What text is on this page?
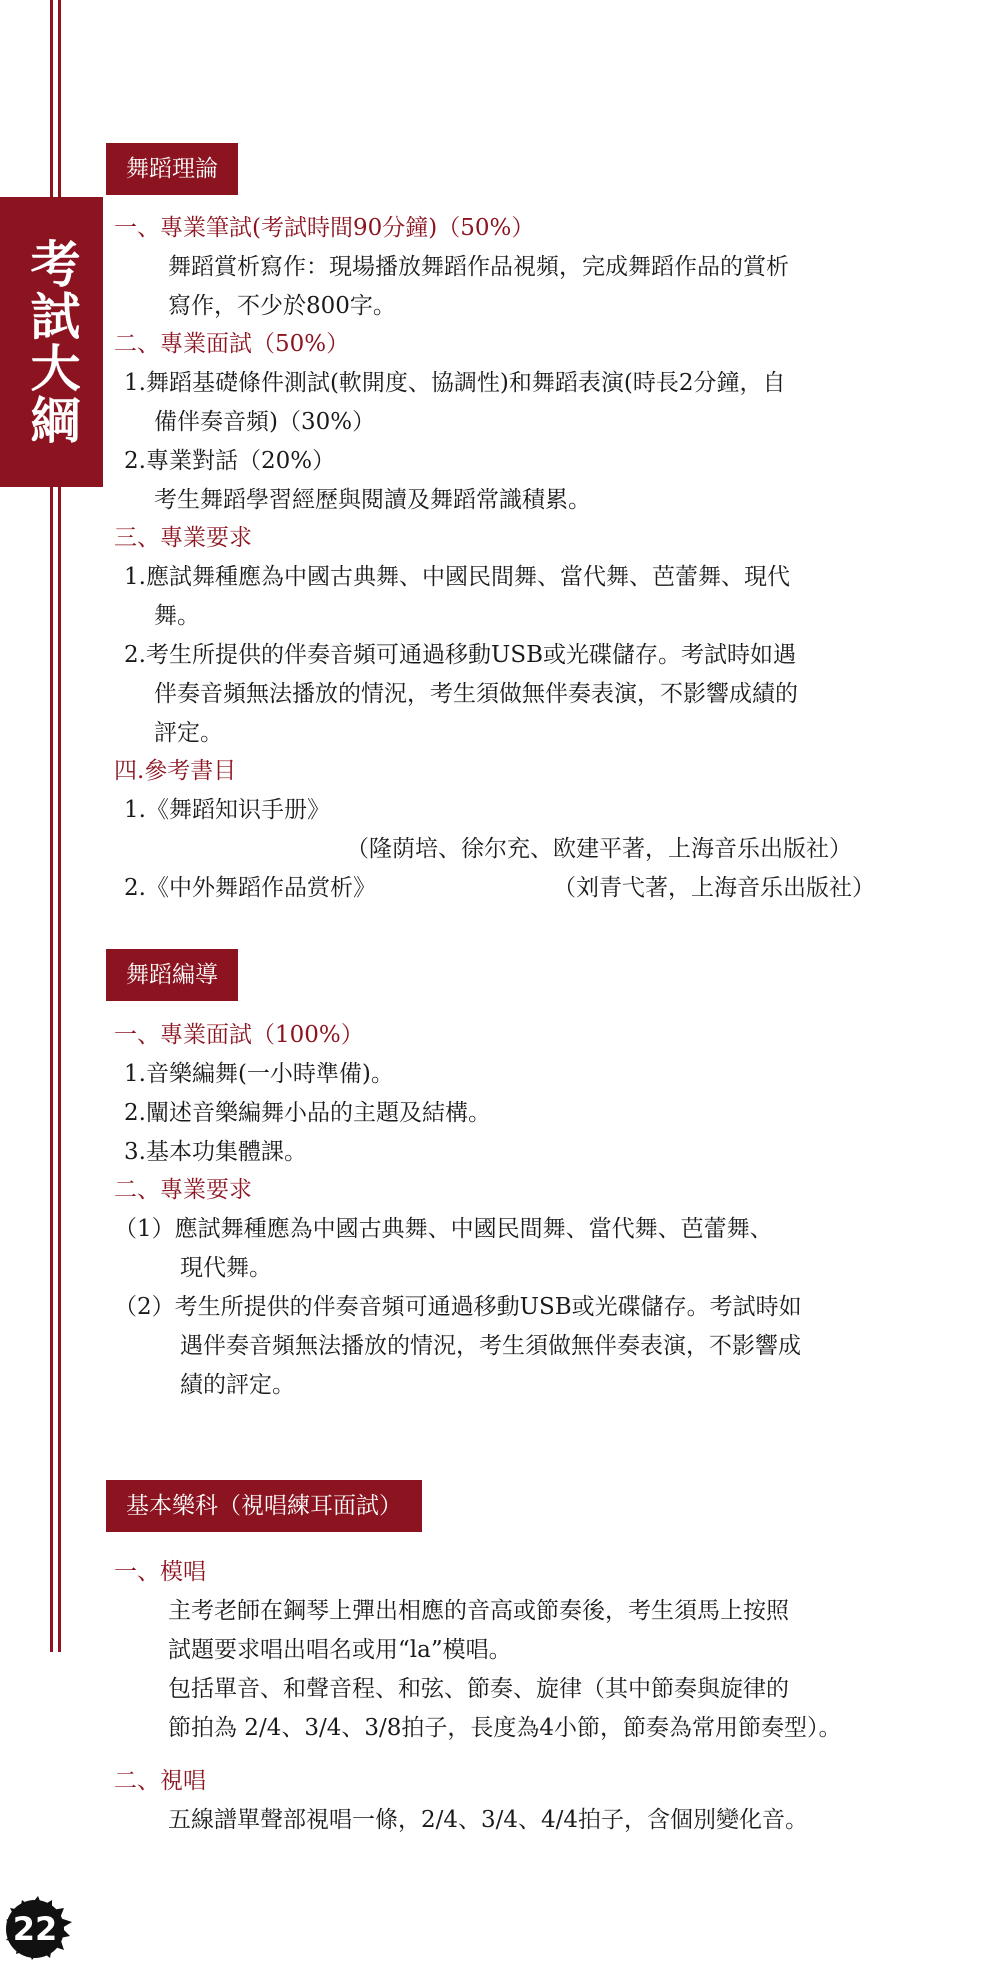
考試大綱
舞蹈理論
一、專業筆試(考試時間90分鐘)（50%）
舞蹈賞析寫作：現場播放舞蹈作品視頻，完成舞蹈作品的賞析
寫作，不少於800字。
二、專業面試（50%）
1.舞蹈基礎條件測試(軟開度、協調性)和舞蹈表演(時長2分鐘，自
備伴奏音頻)（30%）
2.專業對話（20%）
考生舞蹈學習經歷與閱讀及舞蹈常識積累。
三、專業要求
1.應試舞種應為中國古典舞、中國民間舞、當代舞、芭蕾舞、現代
舞。
2.考生所提供的伴奏音頻可通過移動USB或光碟儲存。考試時如遇
伴奏音頻無法播放的情況，考生須做無伴奏表演，不影響成績的
評定。
四.參考書目
1.《舞蹈知识手册》
（隆荫培、徐尔充、欧建平著，上海音乐出版社）
2.《中外舞蹈作品赏析》	（刘青弋著，上海音乐出版社）
舞蹈編導
一、專業面試（100%）
1.音樂編舞(一小時準備)。
2.闡述音樂編舞小品的主題及結構。
3.基本功集體課。
二、專業要求
（1）應試舞種應為中國古典舞、中國民間舞、當代舞、芭蕾舞、
現代舞。
（2）考生所提供的伴奏音頻可通過移動USB或光碟儲存。考試時如
遇伴奏音頻無法播放的情況，考生須做無伴奏表演，不影響成
績的評定。
基本樂科（視唱練耳面試）
一、模唱
主考老師在鋼琴上彈出相應的音高或節奏後，考生須馬上按照
試題要求唱出唱名或用“la”模唱。
包括單音、和聲音程、和弦、節奏、旋律（其中節奏與旋律的
節拍為 2/4、3/4、3/8拍子，長度為4小節，節奏為常用節奏型）。
二、視唱
五線譜單聲部視唱一條，2/4、3/4、4/4拍子，含個別變化音。
22
